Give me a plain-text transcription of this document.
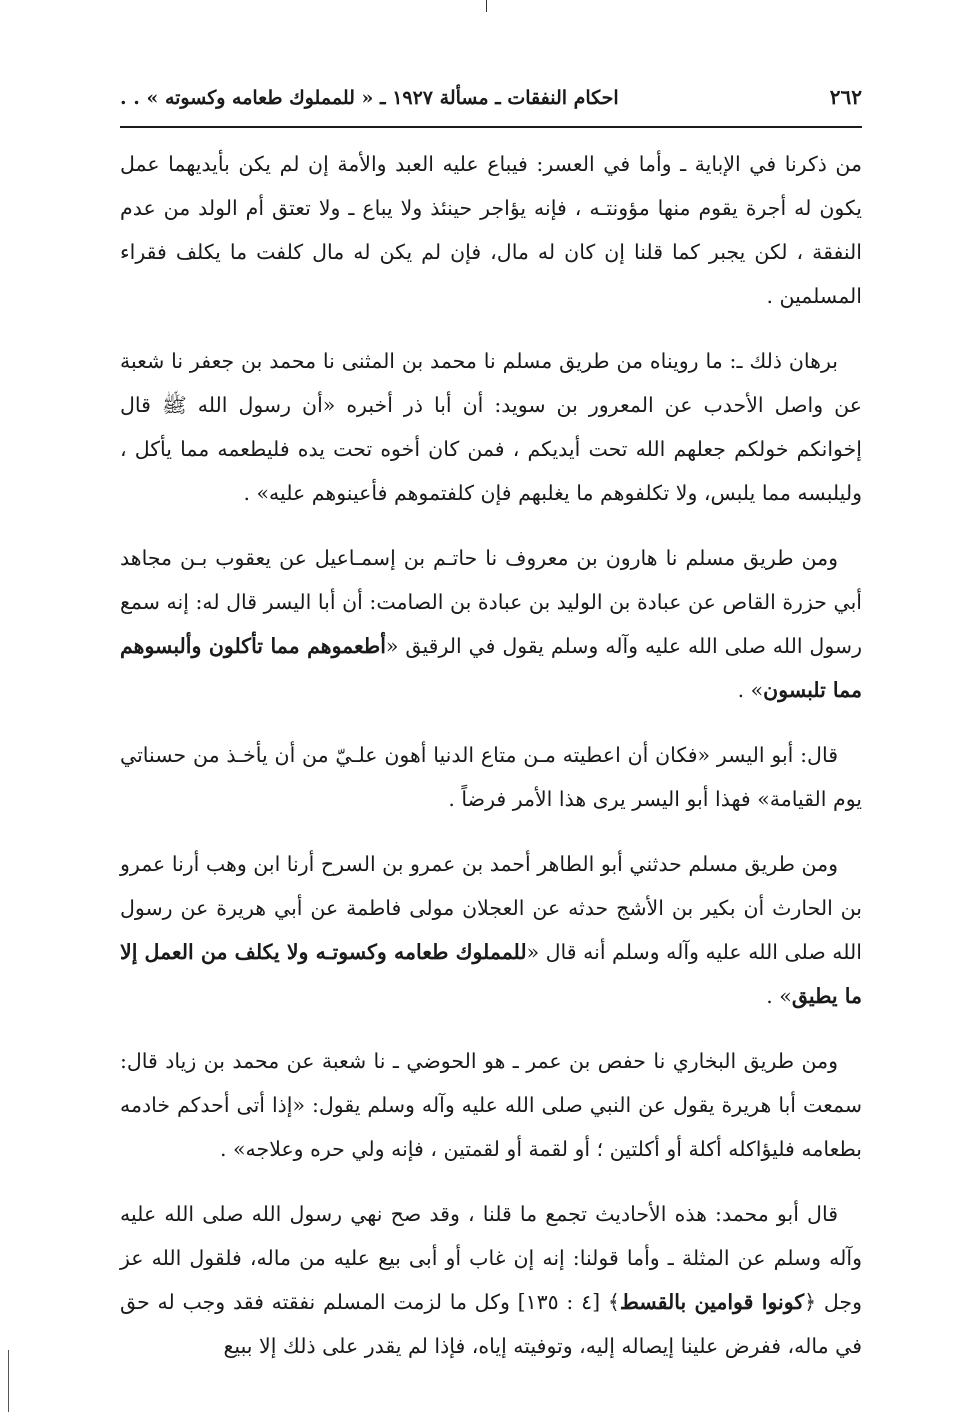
٢٦٢
احكام النفقات ـ مسألة ١٩٢٧ ـ « للمملوك طعامه وكسوته » . .

من ذكرنا في الإباية ـ وأما في العسر: فيباع عليه العبد والأمة إن لم يكن بأيديهما عمل يكون له أجرة يقوم منها مؤونتـه ، فإنه يؤاجر حينئذ ولا يباع ـ ولا تعتق أم الولد من عدم النفقة ، لكن يجبر كما قلنا إن كان له مال، فإن لم يكن له مال كلفت ما يكلف فقراء المسلمين .

برهان ذلك ـ: ما رويناه من طريق مسلم نا محمد بن المثنى نا محمد بن جعفر نا شعبة عن واصل الأحدب عن المعرور بن سويد: أن أبا ذر أخبره «أن رسول الله ﷺ قال إخوانكم خولكم جعلهم الله تحت أيديكم ، فمن كان أخوه تحت يده فليطعمه مما يأكل ، وليلبسه مما يلبس، ولا تكلفوهم ما يغلبهم فإن كلفتموهم فأعينوهم عليه» .

ومن طريق مسلم نا هارون بن معروف نا حاتـم بن إسمـاعيل عن يعقوب بـن مجاهد أبي حزرة القاص عن عبادة بن الوليد بن عبادة بن الصامت: أن أبا اليسر قال له: إنه سمع رسول الله صلى الله عليه وآله وسلم يقول في الرقيق «أطعموهم مما تأكلون وألبسوهم مما تلبسون» .

قال: أبو اليسر «فكان أن اعطيته مـن متاع الدنيا أهون علـيّ من أن يأخـذ من حسناتي يوم القيامة» فهذا أبو اليسر يرى هذا الأمر فرضاً .

ومن طريق مسلم حدثني أبو الطاهر أحمد بن عمرو بن السرح أرنا ابن وهب أرنا عمرو بن الحارث أن بكير بن الأشج حدثه عن العجلان مولى فاطمة عن أبي هريرة عن رسول الله صلى الله عليه وآله وسلم أنه قال «للمملوك طعامه وكسوتـه ولا يكلف من العمل إلا ما يطيق» .

ومن طريق البخاري نا حفص بن عمر ـ هو الحوضي ـ نا شعبة عن محمد بن زياد قال: سمعت أبا هريرة يقول عن النبي صلى الله عليه وآله وسلم يقول: «إذا أتى أحدكم خادمه بطعامه فليؤاكله أكلة أو أكلتين ؛ أو لقمة أو لقمتين ، فإنه ولي حره وعلاجه» .

قال أبو محمد: هذه الأحاديث تجمع ما قلنا ، وقد صح نهي رسول الله صلى الله عليه وآله وسلم عن المثلة ـ وأما قولنا: إنه إن غاب أو أبى بيع عليه من ماله، فلقول الله عز وجل ﴿كونوا قوامين بالقسط﴾ [٤ : ١٣٥] وكل ما لزمت المسلم نفقته فقد وجب له حق في ماله، ففرض علينا إيصاله إليه، وتوفيته إياه، فإذا لم يقدر على ذلك إلا ببيع
